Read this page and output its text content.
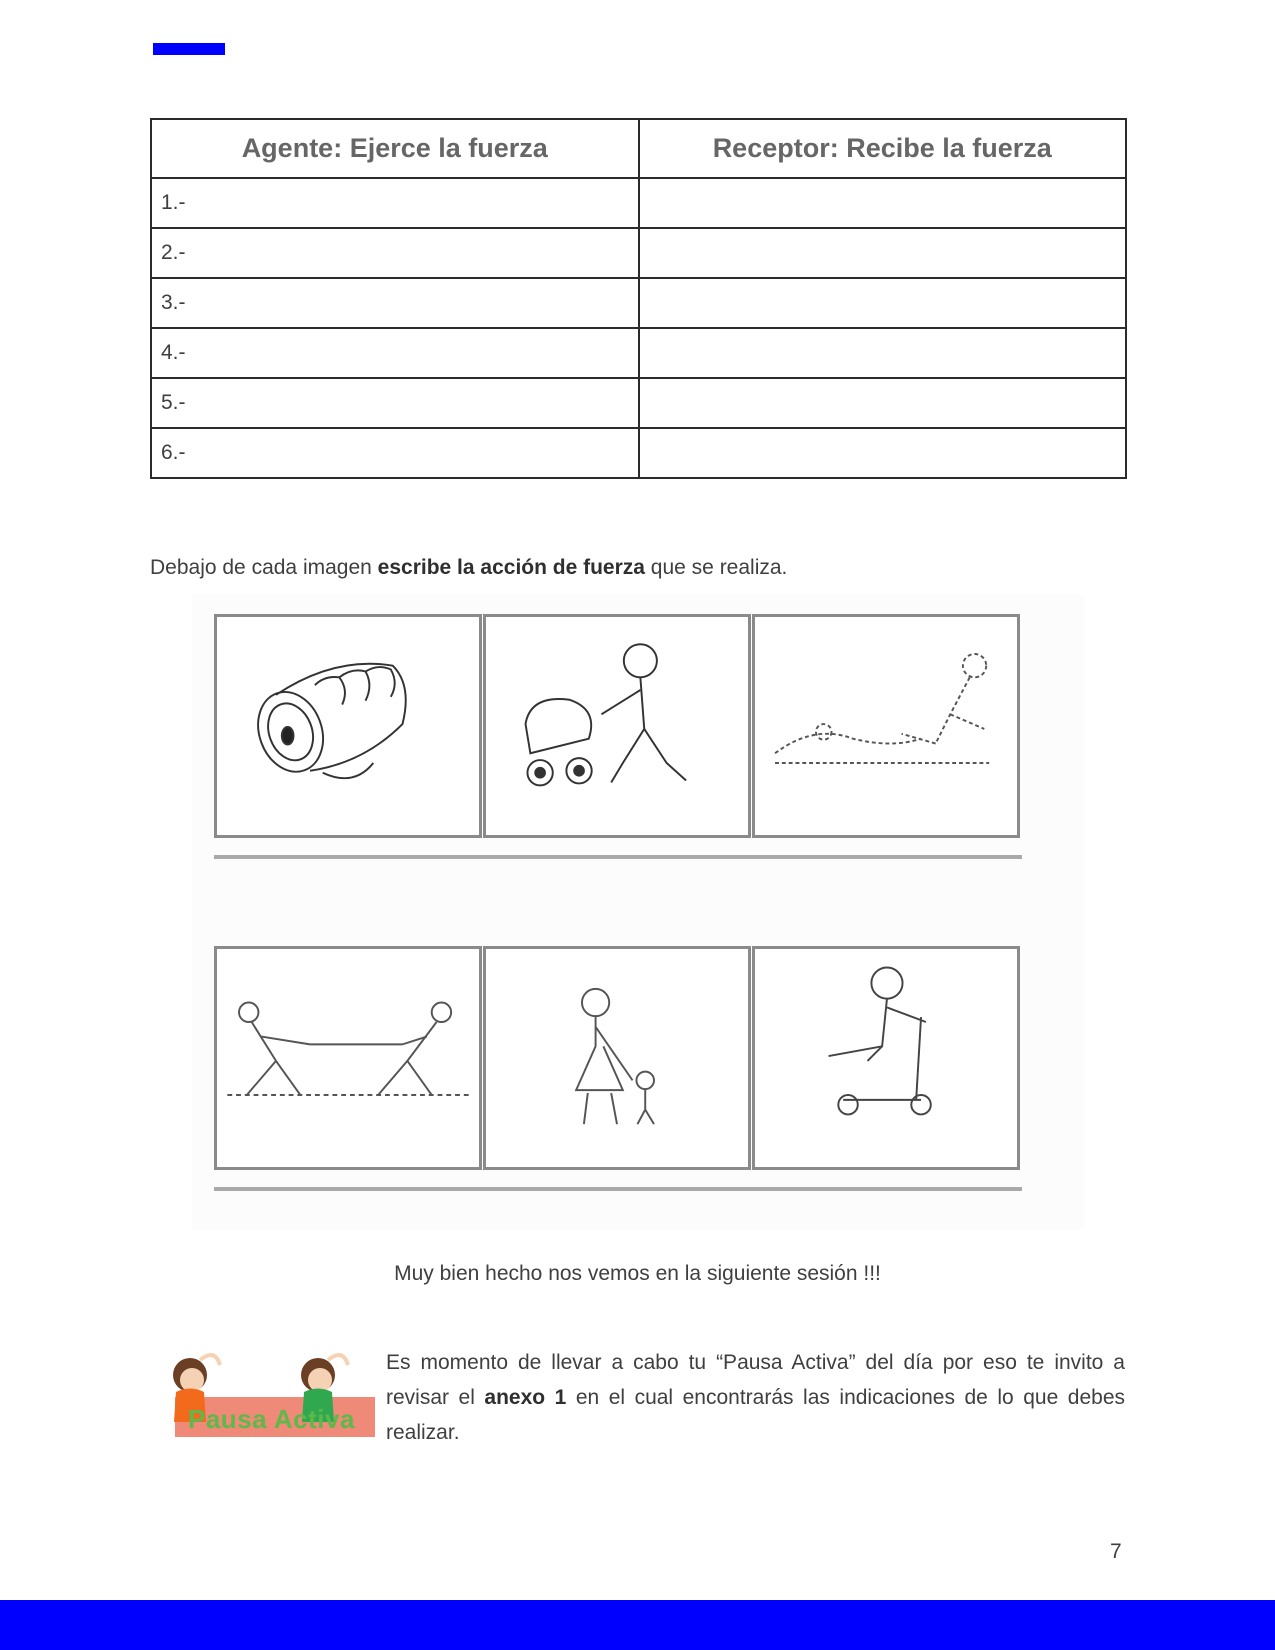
Agente: Ejerce la fuerza	Receptor: Recibe la fuerza
1.-	
2.-	
3.-	
4.-	
5.-	
6.-	
Debajo de cada imagen escribe la acción de fuerza que se realiza.
Muy bien hecho nos vemos en la siguiente sesión !!!
Pausa Activa
Es momento de llevar a cabo tu “Pausa Activa” del día por eso te invito a revisar el anexo 1 en el cual encontrarás las indicaciones de lo que debes realizar.
7
